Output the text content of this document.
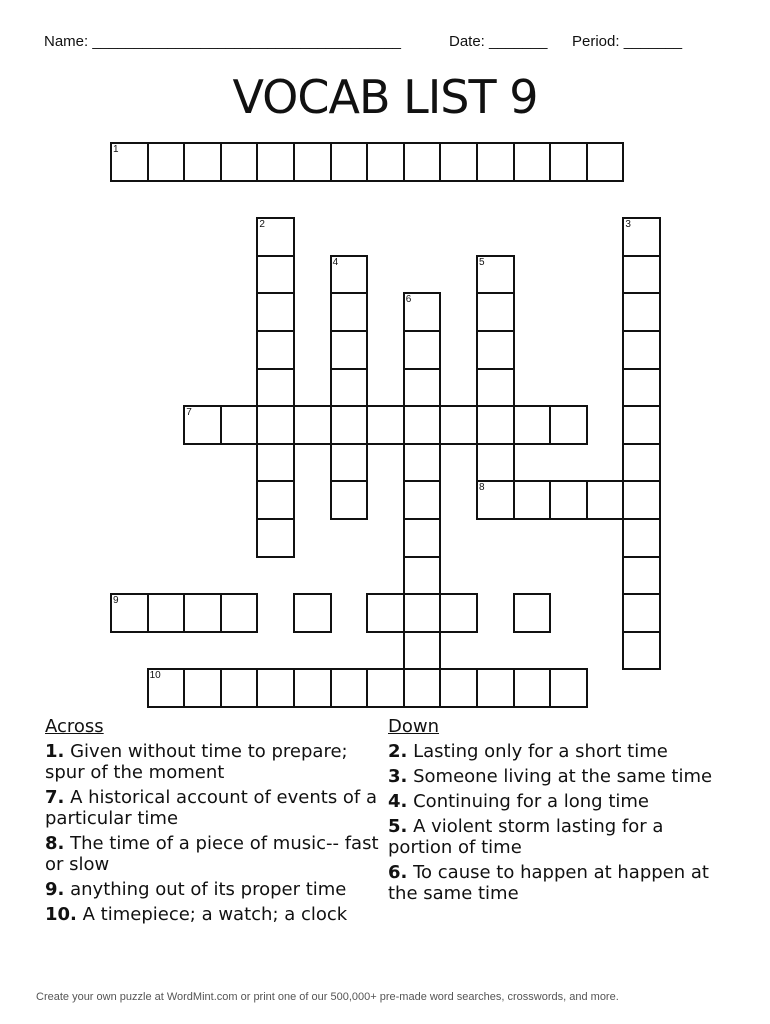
Name: _____________________________________	Date: _______ Period: _______
VOCAB LIST 9
1
2	3
4	5
6
7
8
9
10
Across
1. Given without time to prepare; spur of the moment
7. A historical account of events of a particular time
8. The time of a piece of music-- fast or slow
9. anything out of its proper time
10. A timepiece; a watch; a clock
Down
2. Lasting only for a short time
3. Someone living at the same time
4. Continuing for a long time
5. A violent storm lasting for a portion of time
6. To cause to happen at happen at the same time
Create your own puzzle at WordMint.com or print one of our 500,000+ pre-made word searches, crosswords, and more.
